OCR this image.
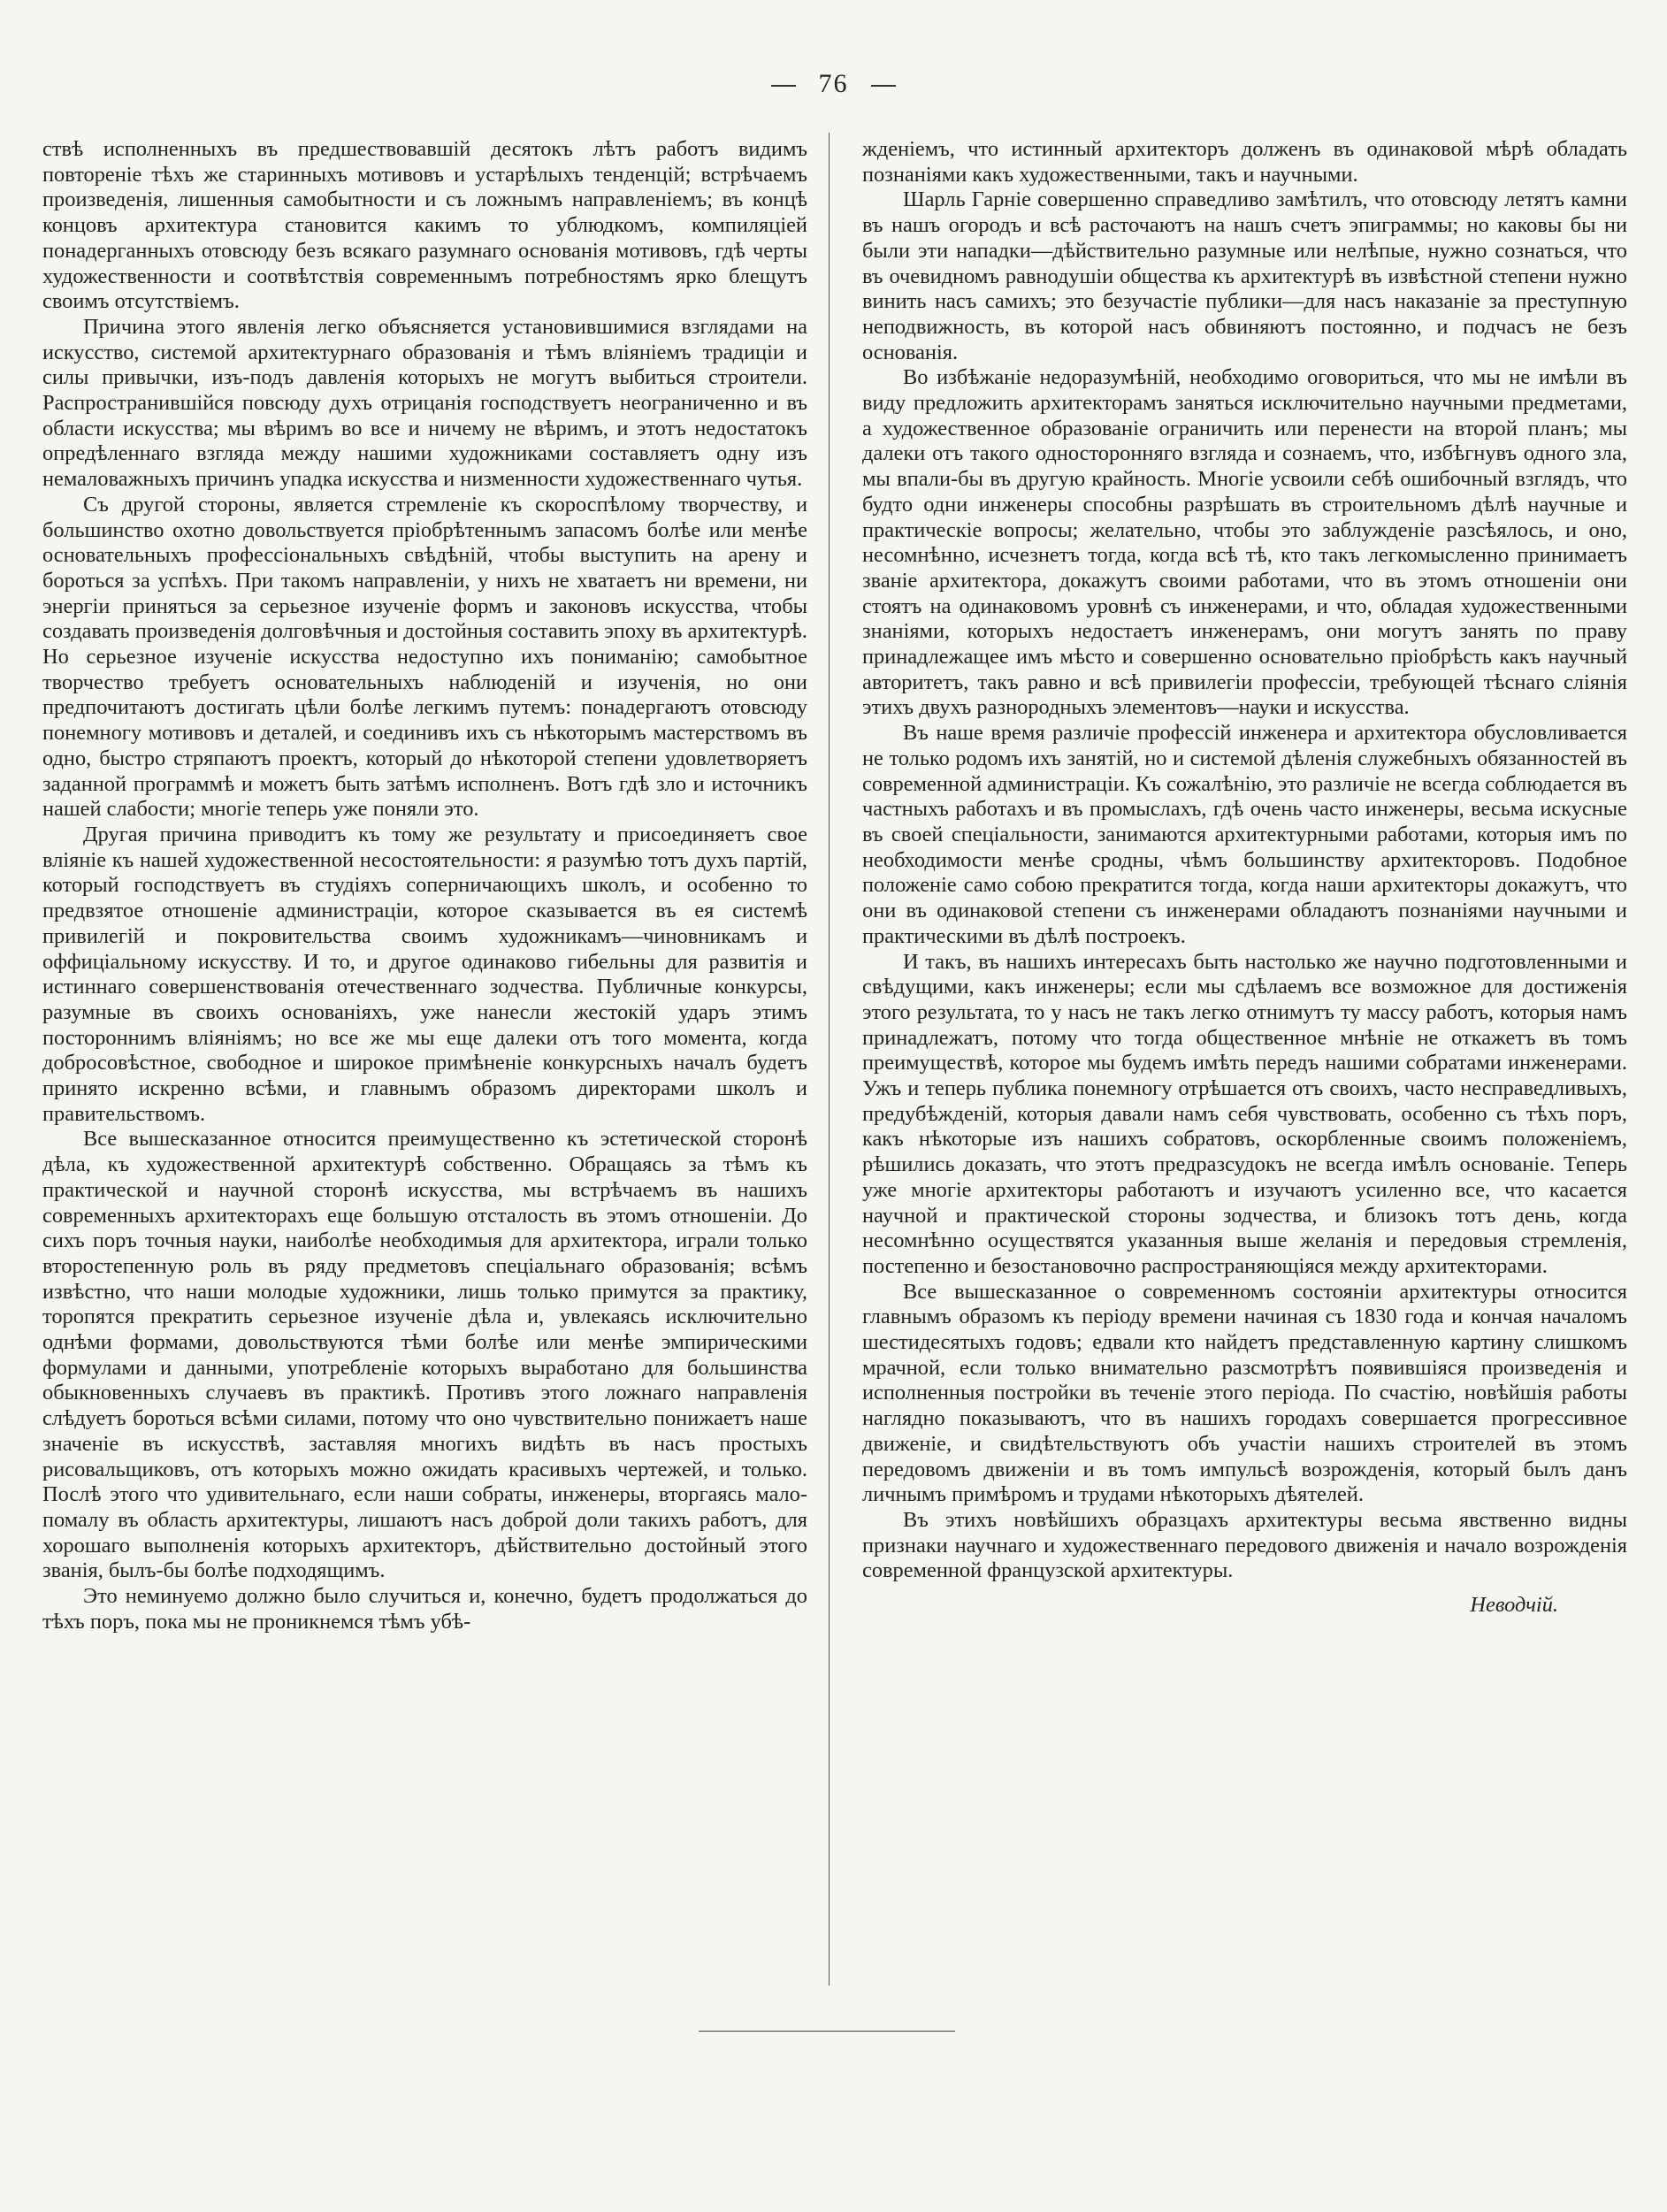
76

ствѣ исполненныхъ въ предшествовавшій десятокъ лѣтъ работъ видимъ повтореніе тѣхъ же старинныхъ мотивовъ и устарѣлыхъ тенденцій; встрѣчаемъ произведенія, лишенныя самобытности и съ ложнымъ направленіемъ; въ концѣ концовъ архитектура становится какимъ то ублюдкомъ, компиляціей понадерганныхъ отовсюду безъ всякаго разумнаго основанія мотивовъ, гдѣ черты художественности и соотвѣтствія современнымъ потребностямъ ярко блещутъ своимъ отсутствіемъ.

Причина этого явленія легко объясняется установившимися взглядами на искусство, системой архитектурнаго образованія и тѣмъ вліяніемъ традиціи и силы привычки, изъ-подъ давленія которыхъ не могутъ выбиться строители. Распространившійся повсюду духъ отрицанія господствуетъ неограниченно и въ области искусства; мы вѣримъ во все и ничему не вѣримъ, и этотъ недостатокъ опредѣленнаго взгляда между нашими художниками составляетъ одну изъ немаловажныхъ причинъ упадка искусства и низменности художественнаго чутья.

Съ другой стороны, является стремленіе къ скороспѣлому творчеству, и большинство охотно довольствуется пріобрѣтеннымъ запасомъ болѣе или менѣе основательныхъ профессіональныхъ свѣдѣній, чтобы выступить на арену и бороться за успѣхъ. При такомъ направленіи, у нихъ не хватаетъ ни времени, ни энергіи приняться за серьезное изученіе формъ и законовъ искусства, чтобы создавать произведенія долговѣчныя и достойныя составить эпоху въ архитектурѣ. Но серьезное изученіе искусства недоступно ихъ пониманію; самобытное творчество требуетъ основательныхъ наблюденій и изученія, но они предпочитаютъ достигать цѣли болѣе легкимъ путемъ: понадергаютъ отовсюду понемногу мотивовъ и деталей, и соединивъ ихъ съ нѣкоторымъ мастерствомъ въ одно, быстро стряпаютъ проектъ, который до нѣкоторой степени удовлетворяетъ заданной программѣ и можетъ быть затѣмъ исполненъ. Вотъ гдѣ зло и источникъ нашей слабости; многіе теперь уже поняли это.

Другая причина приводитъ къ тому же результату и присоединяетъ свое вліяніе къ нашей художественной несостоятельности: я разумѣю тотъ духъ партій, который господствуетъ въ студіяхъ соперничающихъ школъ, и особенно то предвзятое отношеніе администраціи, которое сказывается въ ея системѣ привилегій и покровительства своимъ художникамъ—чиновникамъ и оффиціальному искусству. И то, и другое одинаково гибельны для развитія и истиннаго совершенствованія отечественнаго зодчества. Публичные конкурсы, разумные въ своихъ основаніяхъ, уже нанесли жестокій ударъ этимъ постороннимъ вліяніямъ; но все же мы еще далеки отъ того момента, когда добросовѣстное, свободное и широкое примѣненіе конкурсныхъ началъ будетъ принято искренно всѣми, и главнымъ образомъ директорами школъ и правительствомъ.

Все вышесказанное относится преимущественно къ эстетической сторонѣ дѣла, къ художественной архитектурѣ собственно. Обращаясь за тѣмъ къ практической и научной сторонѣ искусства, мы встрѣчаемъ въ нашихъ современныхъ архитекторахъ еще большую отсталость въ этомъ отношеніи. До сихъ поръ точныя науки, наиболѣе необходимыя для архитектора, играли только второстепенную роль въ ряду предметовъ спеціальнаго образованія; всѣмъ извѣстно, что наши молодые художники, лишь только примутся за практику, торопятся прекратить серьезное изученіе дѣла и, увлекаясь исключительно однѣми формами, довольствуются тѣми болѣе или менѣе эмпирическими формулами и данными, употребленіе которыхъ выработано для большинства обыкновенныхъ случаевъ въ практикѣ. Противъ этого ложнаго направленія слѣдуетъ бороться всѣми силами, потому что оно чувствительно понижаетъ наше значеніе въ искусствѣ, заставляя многихъ видѣть въ насъ простыхъ рисовальщиковъ, отъ которыхъ можно ожидать красивыхъ чертежей, и только. Послѣ этого что удивительнаго, если наши собраты, инженеры, вторгаясь мало-помалу въ область архитектуры, лишаютъ насъ доброй доли такихъ работъ, для хорошаго выполненія которыхъ архитекторъ, дѣйствительно достойный этого званія, былъ-бы болѣе подходящимъ.

Это неминуемо должно было случиться и, конечно, будетъ продолжаться до тѣхъ поръ, пока мы не проникнемся тѣмъ убѣ-

жденіемъ, что истинный архитекторъ долженъ въ одинаковой мѣрѣ обладать познаніями какъ художественными, такъ и научными.

Шарль Гарніе совершенно справедливо замѣтилъ, что отовсюду летятъ камни въ нашъ огородъ и всѣ расточаютъ на нашъ счетъ эпиграммы; но каковы бы ни были эти нападки—дѣйствительно разумные или нелѣпые, нужно сознаться, что въ очевидномъ равнодушіи общества къ архитектурѣ въ извѣстной степени нужно винить насъ самихъ; это безучастіе публики—для насъ наказаніе за преступную неподвижность, въ которой насъ обвиняютъ постоянно, и подчасъ не безъ основанія.

Во избѣжаніе недоразумѣній, необходимо оговориться, что мы не имѣли въ виду предложить архитекторамъ заняться исключительно научными предметами, а художественное образованіе ограничить или перенести на второй планъ; мы далеки отъ такого односторонняго взгляда и сознаемъ, что, избѣгнувъ одного зла, мы впали-бы въ другую крайность. Многіе усвоили себѣ ошибочный взглядъ, что будто одни инженеры способны разрѣшать въ строительномъ дѣлѣ научные и практическіе вопросы; желательно, чтобы это заблужденіе разсѣялось, и оно, несомнѣнно, исчезнетъ тогда, когда всѣ тѣ, кто такъ легкомысленно принимаетъ званіе архитектора, докажутъ своими работами, что въ этомъ отношеніи они стоятъ на одинаковомъ уровнѣ съ инженерами, и что, обладая художественными знаніями, которыхъ недостаетъ инженерамъ, они могутъ занять по праву принадлежащее имъ мѣсто и совершенно основательно пріобрѣсть какъ научный авторитетъ, такъ равно и всѣ привилегіи профессіи, требующей тѣснаго сліянія этихъ двухъ разнородныхъ элементовъ—науки и искусства.

Въ наше время различіе профессій инженера и архитектора обусловливается не только родомъ ихъ занятій, но и системой дѣленія служебныхъ обязанностей въ современной администраціи. Къ сожалѣнію, это различіе не всегда соблюдается въ частныхъ работахъ и въ промыслахъ, гдѣ очень часто инженеры, весьма искусные въ своей спеціальности, занимаются архитектурными работами, которыя имъ по необходимости менѣе сродны, чѣмъ большинству архитекторовъ. Подобное положеніе само собою прекратится тогда, когда наши архитекторы докажутъ, что они въ одинаковой степени съ инженерами обладаютъ познаніями научными и практическими въ дѣлѣ построекъ.

И такъ, въ нашихъ интересахъ быть настолько же научно подготовленными и свѣдущими, какъ инженеры; если мы сдѣлаемъ все возможное для достиженія этого результата, то у насъ не такъ легко отнимутъ ту массу работъ, которыя намъ принадлежатъ, потому что тогда общественное мнѣніе не откажетъ въ томъ преимуществѣ, которое мы будемъ имѣть передъ нашими собратами инженерами. Ужъ и теперь публика понемногу отрѣшается отъ своихъ, часто несправедливыхъ, предубѣжденій, которыя давали намъ себя чувствовать, особенно съ тѣхъ поръ, какъ нѣкоторые изъ нашихъ собратовъ, оскорбленные своимъ положеніемъ, рѣшились доказать, что этотъ предразсудокъ не всегда имѣлъ основаніе. Теперь уже многіе архитекторы работаютъ и изучаютъ усиленно все, что касается научной и практической стороны зодчества, и близокъ тотъ день, когда несомнѣнно осуществятся указанныя выше желанія и передовыя стремленія, постепенно и безостановочно распространяющіяся между архитекторами.

Все вышесказанное о современномъ состояніи архитектуры относится главнымъ образомъ къ періоду времени начиная съ 1830 года и кончая началомъ шестидесятыхъ годовъ; едвали кто найдетъ представленную картину слишкомъ мрачной, если только внимательно разсмотрѣтъ появившіяся произведенія и исполненныя постройки въ теченіе этого періода. По счастію, новѣйшія работы наглядно показываютъ, что въ нашихъ городахъ совершается прогрессивное движеніе, и свидѣтельствуютъ объ участіи нашихъ строителей въ этомъ передовомъ движеніи и въ томъ импульсѣ возрожденія, который былъ данъ личнымъ примѣромъ и трудами нѣкоторыхъ дѣятелей.

Въ этихъ новѣйшихъ образцахъ архитектуры весьма явственно видны признаки научнаго и художественнаго передового движенія и начало возрожденія современной французской архитектуры.

Неводчій.
